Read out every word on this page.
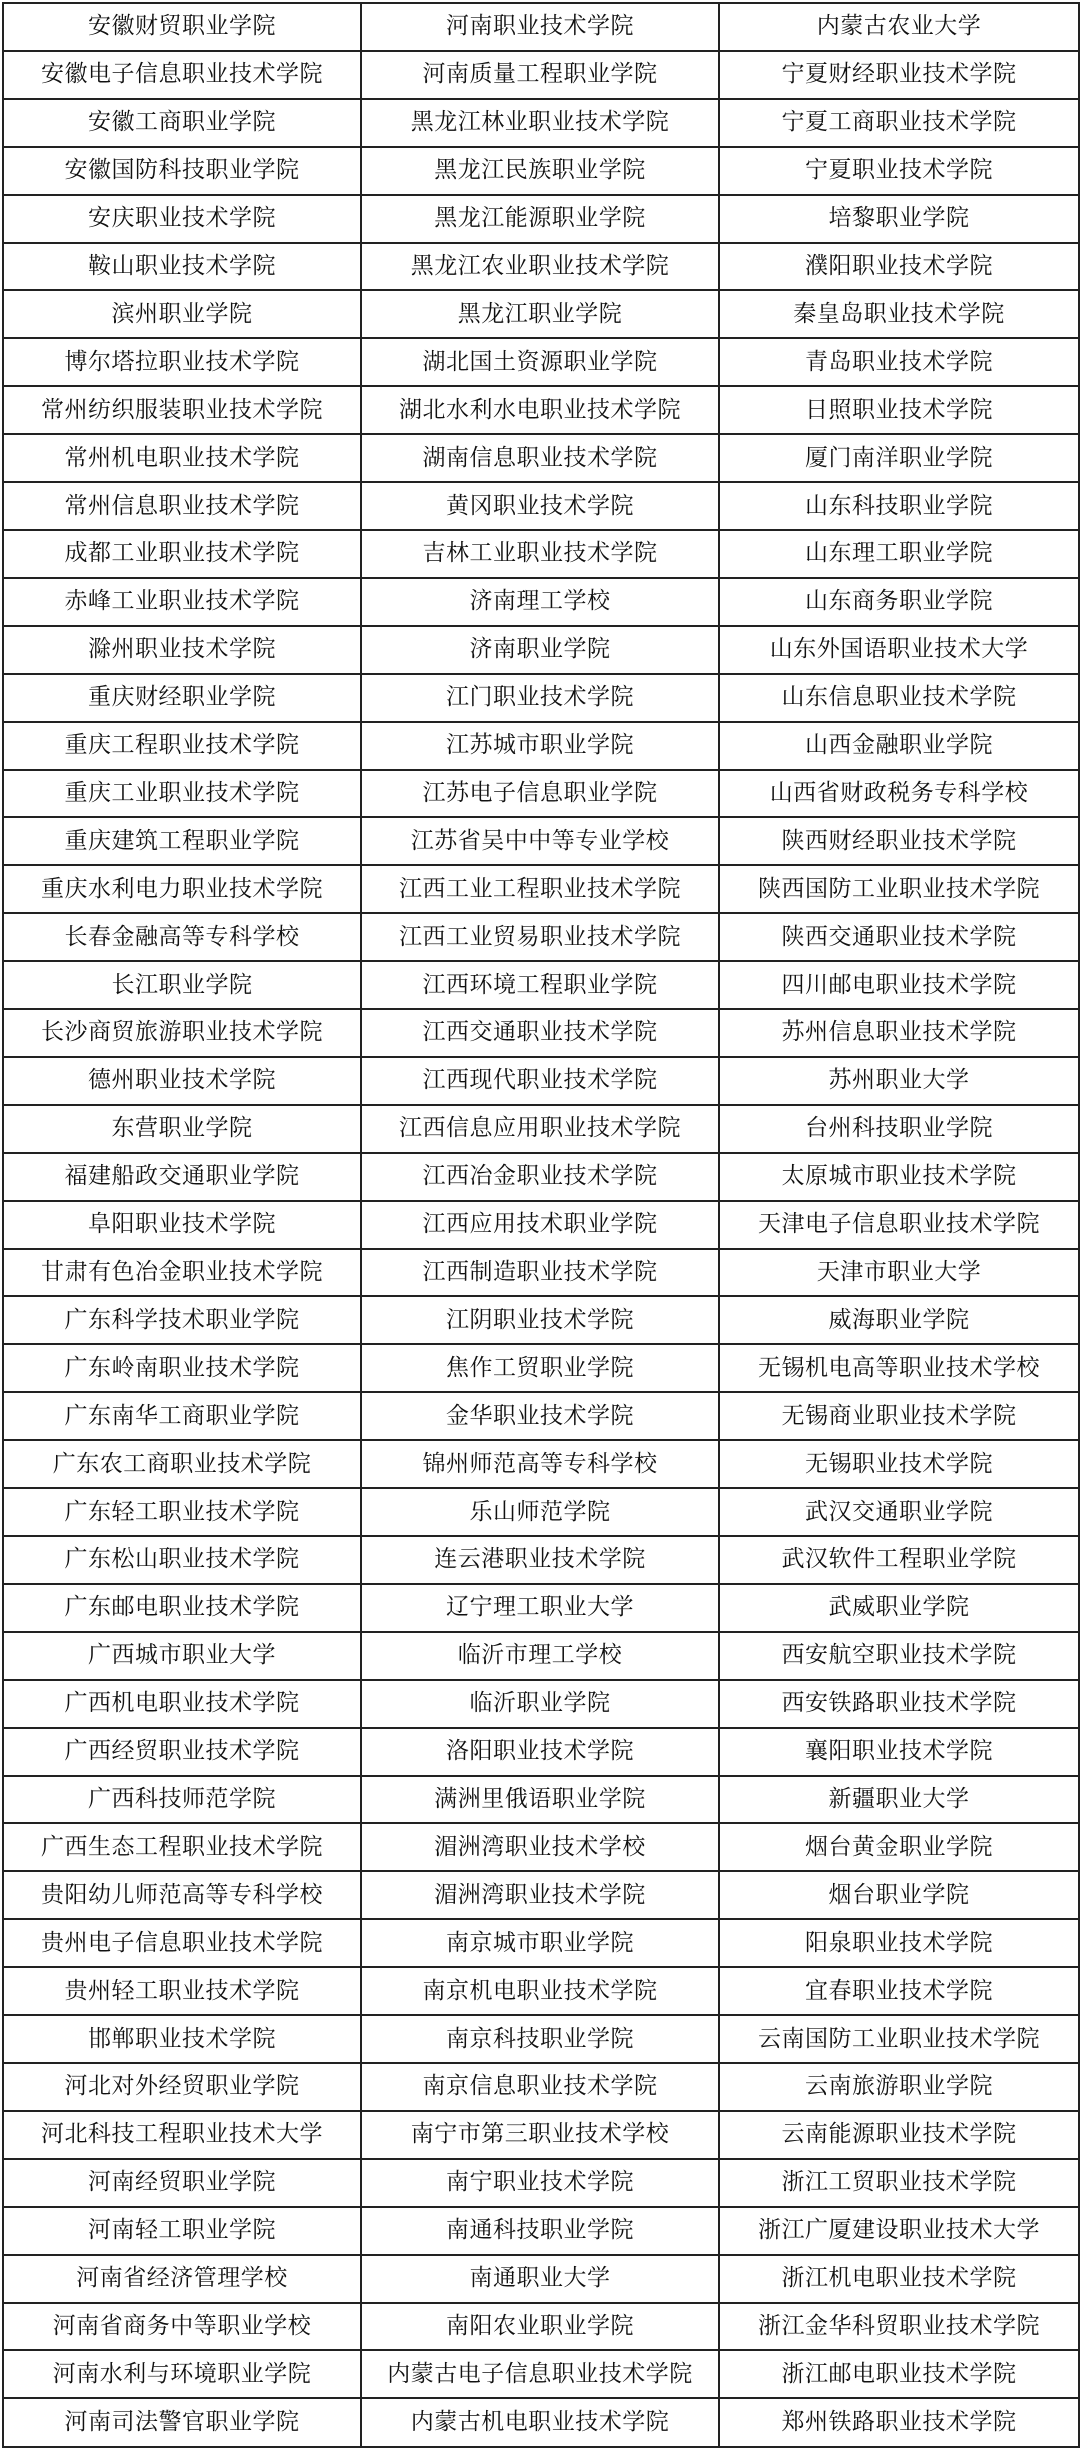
安徽财贸职业学院	河南职业技术学院	内蒙古农业大学
安徽电子信息职业技术学院	河南质量工程职业学院	宁夏财经职业技术学院
安徽工商职业学院	黑龙江林业职业技术学院	宁夏工商职业技术学院
安徽国防科技职业学院	黑龙江民族职业学院	宁夏职业技术学院
安庆职业技术学院	黑龙江能源职业学院	培黎职业学院
鞍山职业技术学院	黑龙江农业职业技术学院	濮阳职业技术学院
滨州职业学院	黑龙江职业学院	秦皇岛职业技术学院
博尔塔拉职业技术学院	湖北国土资源职业学院	青岛职业技术学院
常州纺织服装职业技术学院	湖北水利水电职业技术学院	日照职业技术学院
常州机电职业技术学院	湖南信息职业技术学院	厦门南洋职业学院
常州信息职业技术学院	黄冈职业技术学院	山东科技职业学院
成都工业职业技术学院	吉林工业职业技术学院	山东理工职业学院
赤峰工业职业技术学院	济南理工学校	山东商务职业学院
滁州职业技术学院	济南职业学院	山东外国语职业技术大学
重庆财经职业学院	江门职业技术学院	山东信息职业技术学院
重庆工程职业技术学院	江苏城市职业学院	山西金融职业学院
重庆工业职业技术学院	江苏电子信息职业学院	山西省财政税务专科学校
重庆建筑工程职业学院	江苏省吴中中等专业学校	陕西财经职业技术学院
重庆水利电力职业技术学院	江西工业工程职业技术学院	陕西国防工业职业技术学院
长春金融高等专科学校	江西工业贸易职业技术学院	陕西交通职业技术学院
长江职业学院	江西环境工程职业学院	四川邮电职业技术学院
长沙商贸旅游职业技术学院	江西交通职业技术学院	苏州信息职业技术学院
德州职业技术学院	江西现代职业技术学院	苏州职业大学
东营职业学院	江西信息应用职业技术学院	台州科技职业学院
福建船政交通职业学院	江西冶金职业技术学院	太原城市职业技术学院
阜阳职业技术学院	江西应用技术职业学院	天津电子信息职业技术学院
甘肃有色冶金职业技术学院	江西制造职业技术学院	天津市职业大学
广东科学技术职业学院	江阴职业技术学院	威海职业学院
广东岭南职业技术学院	焦作工贸职业学院	无锡机电高等职业技术学校
广东南华工商职业学院	金华职业技术学院	无锡商业职业技术学院
广东农工商职业技术学院	锦州师范高等专科学校	无锡职业技术学院
广东轻工职业技术学院	乐山师范学院	武汉交通职业学院
广东松山职业技术学院	连云港职业技术学院	武汉软件工程职业学院
广东邮电职业技术学院	辽宁理工职业大学	武威职业学院
广西城市职业大学	临沂市理工学校	西安航空职业技术学院
广西机电职业技术学院	临沂职业学院	西安铁路职业技术学院
广西经贸职业技术学院	洛阳职业技术学院	襄阳职业技术学院
广西科技师范学院	满洲里俄语职业学院	新疆职业大学
广西生态工程职业技术学院	湄洲湾职业技术学校	烟台黄金职业学院
贵阳幼儿师范高等专科学校	湄洲湾职业技术学院	烟台职业学院
贵州电子信息职业技术学院	南京城市职业学院	阳泉职业技术学院
贵州轻工职业技术学院	南京机电职业技术学院	宜春职业技术学院
邯郸职业技术学院	南京科技职业学院	云南国防工业职业技术学院
河北对外经贸职业学院	南京信息职业技术学院	云南旅游职业学院
河北科技工程职业技术大学	南宁市第三职业技术学校	云南能源职业技术学院
河南经贸职业学院	南宁职业技术学院	浙江工贸职业技术学院
河南轻工职业学院	南通科技职业学院	浙江广厦建设职业技术大学
河南省经济管理学校	南通职业大学	浙江机电职业技术学院
河南省商务中等职业学校	南阳农业职业学院	浙江金华科贸职业技术学院
河南水利与环境职业学院	内蒙古电子信息职业技术学院	浙江邮电职业技术学院
河南司法警官职业学院	内蒙古机电职业技术学院	郑州铁路职业技术学院
